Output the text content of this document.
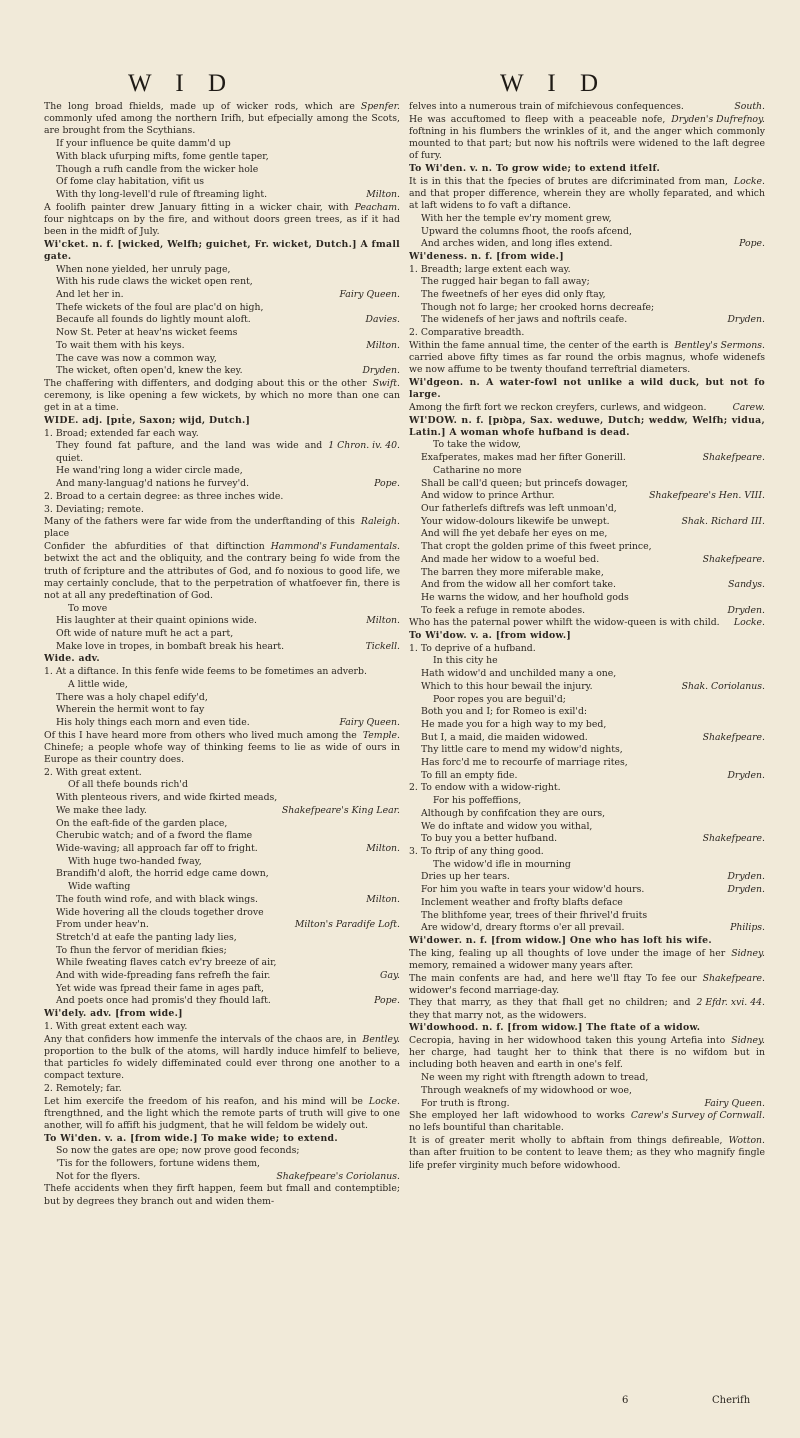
W I D	W I D

Spenfer.
The long broad fhields, made up of wicker rods, which are commonly ufed among the northern Irifh, but efpecially among the Scots, are brought from the Scythians.

If your influence be quite damm'd up

With black ufurping mifts, fome gentle taper,

Though a rufh candle from the wicker hole

Of fome clay habitation, vifit us

Milton.
With thy long-levell'd rule of ftreaming light.

Peacham.
A foolifh painter drew January fitting in a wicker chair, with four nightcaps on by the fire, and without doors green trees, as if it had been in the midft of July.

Wi'cket. n. f. [wicked, Welfh; guichet, Fr. wicket, Dutch.] A fmall gate.

When none yielded, her unruly page,

With his rude claws the wicket open rent,

Fairy Queen.
And let her in.

Thefe wickets of the foul are plac'd on high,

Davies.
Becaufe all founds do lightly mount aloft.

Now St. Peter at heav'ns wicket feems

Milton.
To wait them with his keys.

The cave was now a common way,

Dryden.
The wicket, often open'd, knew the key.

Swift.
The chaffering with diffenters, and dodging about this or the other ceremony, is like opening a few wickets, by which no more than one can get in at a time.

WIDE. adj. [pıṫe, Saxon; wijd, Dutch.]

1. Broad; extended far each way.

1 Chron. iv. 40.
They found fat pafture, and the land was wide and quiet.

He wand'ring long a wider circle made,

Pope.
And many-languag'd nations he furvey'd.

2. Broad to a certain degree: as three inches wide.

3. Deviating; remote.

Raleigh.
Many of the fathers were far wide from the underftanding of this place

Hammond's Fundamentals.
Confider the abfurdities of that diftinction betwixt the act and the obliquity, and the contrary being fo wide from the truth of fcripture and the attributes of God, and fo noxious to good life, we may certainly conclude, that to the perpetration of whatfoever fin, there is not at all any predeftination of God.

To move

Milton.
His laughter at their quaint opinions wide.

Oft wide of nature muft he act a part,

Tickell.
Make love in tropes, in bombaft break his heart.

Wide. adv.

1. At a diftance. In this fenfe wide feems to be fometimes an adverb.

A little wide,

There was a holy chapel edify'd,

Wherein the hermit wont to fay

Fairy Queen.
His holy things each morn and even tide.

Temple.
Of this I have heard more from others who lived much among the Chinefe; a people whofe way of thinking feems to lie as wide of ours in Europe as their country does.

2. With great extent.

Of all thefe bounds rich'd

With plenteous rivers, and wide fkirted meads,

Shakefpeare's King Lear.
We make thee lady.

On the eaft-fide of the garden place,

Cherubic watch; and of a fword the flame

Milton.
Wide-waving; all approach far off to fright.

With huge two-handed fway,

Brandifh'd aloft, the horrid edge came down,

Wide wafting

Milton.
The fouth wind rofe, and with black wings.

Wide hovering all the clouds together drove

Milton's Paradife Loft.
From under heav'n.

Stretch'd at eafe the panting lady lies,

To fhun the fervor of meridian fkies;

While fweating flaves catch ev'ry breeze of air,

Gay.
And with wide-fpreading fans refrefh the fair.

Yet wide was fpread their fame in ages paft,

Pope.
And poets once had promis'd they fhould laft.

Wi'dely. adv. [from wide.]

1. With great extent each way.

Bentley.
Any that confiders how immenfe the intervals of the chaos are, in proportion to the bulk of the atoms, will hardly induce himfelf to believe, that particles fo widely diffeminated could ever throng one another to a compact texture.

2. Remotely; far.

Locke.
Let him exercife the freedom of his reafon, and his mind will be ftrengthned, and the light which the remote parts of truth will give to one another, will fo affift his judgment, that he will feldom be widely out.

To Wi'den. v. a. [from wide.] To make wide; to extend.

So now the gates are ope; now prove good feconds;

'Tis for the followers, fortune widens them,

Shakefpeare's Coriolanus.
Not for the flyers.

Thefe accidents when they firft happen, feem but fmall and contemptible; but by degrees they branch out and widen them-

South.
felves into a numerous train of mifchievous confequences.

Dryden's Dufrefnoy.
He was accuftomed to fleep with a peaceable nofe, foftning in his flumbers the wrinkles of it, and the anger which commonly mounted to that part; but now his noftrils were widened to the laft degree of fury.

To Wi'den. v. n. To grow wide; to extend itfelf.

Locke.
It is in this that the fpecies of brutes are difcriminated from man, and that proper difference, wherein they are wholly feparated, and which at laft widens to fo vaft a diftance.

With her the temple ev'ry moment grew,

Upward the columns fhoot, the roofs afcend,

Pope.
And arches widen, and long ifles extend.

Wi'deness. n. f. [from wide.]

1. Breadth; large extent each way.

The rugged hair began to fall away;

The fweetnefs of her eyes did only ftay,

Though not fo large; her crooked horns decreafe;

Dryden.
The widenefs of her jaws and noftrils ceafe.

2. Comparative breadth.

Bentley's Sermons.
Within the fame annual time, the center of the earth is carried above fifty times as far round the orbis magnus, whofe widenefs we now affume to be twenty thoufand terreftrial diameters.

Wi'dgeon. n. A water-fowl not unlike a wild duck, but not fo large.

Carew.
Among the firft fort we reckon creyfers, curlews, and widgeon.

WI'DOW. n. f. [pıꝺpa, Sax. weduwe, Dutch; weddw, Welfh; vidua, Latin.] A woman whofe hufband is dead.

To take the widow,

Shakefpeare.
Exafperates, makes mad her fifter Gonerill.

Catharine no more

Shall be call'd queen; but princefs dowager,

Shakefpeare's Hen. VIII.
And widow to prince Arthur.

Our fatherlefs diftrefs was left unmoan'd,

Shak. Richard III.
Your widow-dolours likewife be unwept.

And will fhe yet debafe her eyes on me,

That cropt the golden prime of this fweet prince,

Shakefpeare.
And made her widow to a woeful bed.

The barren they more miferable make,

Sandys.
And from the widow all her comfort take.

He warns the widow, and her houfhold gods

Dryden.
To feek a refuge in remote abodes.

Locke.
Who has the paternal power whilft the widow-queen is with child.

To Wi'dow. v. a. [from widow.]

1. To deprive of a hufband.

In this city he

Hath widow'd and unchilded many a one,

Shak. Coriolanus.
Which to this hour bewail the injury.

Poor ropes you are beguil'd;

Both you and I; for Romeo is exil'd:

He made you for a high way to my bed,

Shakefpeare.
But I, a maid, die maiden widowed.

Thy little care to mend my widow'd nights,

Has forc'd me to recourfe of marriage rites,

Dryden.
To fill an empty fide.

2. To endow with a widow-right.

For his poffeffions,

Although by confifcation they are ours,

We do inftate and widow you withal,

Shakefpeare.
To buy you a better hufband.

3. To ftrip of any thing good.

The widow'd ifle in mourning

Dryden.
Dries up her tears.

Dryden.
For him you wafte in tears your widow'd hours.

Inclement weather and frofty blafts deface

The blithfome year, trees of their fhrivel'd fruits

Philips.
Are widow'd, dreary ftorms o'er all prevail.

Wi'dower. n. f. [from widow.] One who has loft his wife.

Sidney.
The king, fealing up all thoughts of love under the image of her memory, remained a widower many years after.

Shakefpeare.
The main confents are had, and here we'll ftay To fee our widower's fecond marriage-day.

2 Efdr. xvi. 44.
They that marry, as they that fhall get no children; and they that marry not, as the widowers.

Wi'dowhood. n. f. [from widow.] The ftate of a widow.

Sidney.
Cecropia, having in her widowhood taken this young Artefia into her charge, had taught her to think that there is no wifdom but in including both heaven and earth in one's felf.

Ne ween my right with ftrength adown to tread,

Through weaknefs of my widowhood or woe,

Fairy Queen.
For truth is ftrong.

Carew's Survey of Cornwall.
She employed her laft widowhood to works no lefs bountiful than charitable.

Wotton.
It is of greater merit wholly to abftain from things defireable, than after fruition to be content to leave them; as they who magnify fingle life prefer virginity much before widowhood.

6	Cherifh
